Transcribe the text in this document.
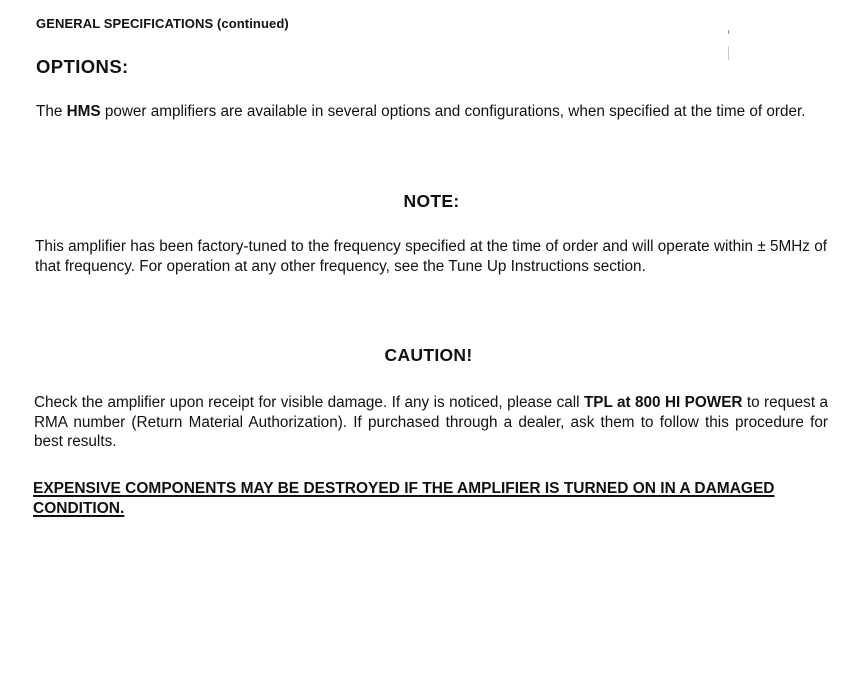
GENERAL SPECIFICATIONS (continued)
OPTIONS:
The HMS power amplifiers are available in several options and configurations, when specified at the time of order.
NOTE:
This amplifier has been factory-tuned to the frequency specified at the time of order and will operate within ± 5MHz of that frequency. For operation at any other frequency, see the Tune Up Instructions section.
CAUTION!
Check the amplifier upon receipt for visible damage. If any is noticed, please call TPL at 800 HI POWER to request a RMA number (Return Material Authorization). If purchased through a dealer, ask them to follow this procedure for best results.
EXPENSIVE COMPONENTS MAY BE DESTROYED IF THE AMPLIFIER IS TURNED ON IN A DAMAGED CONDITION.
